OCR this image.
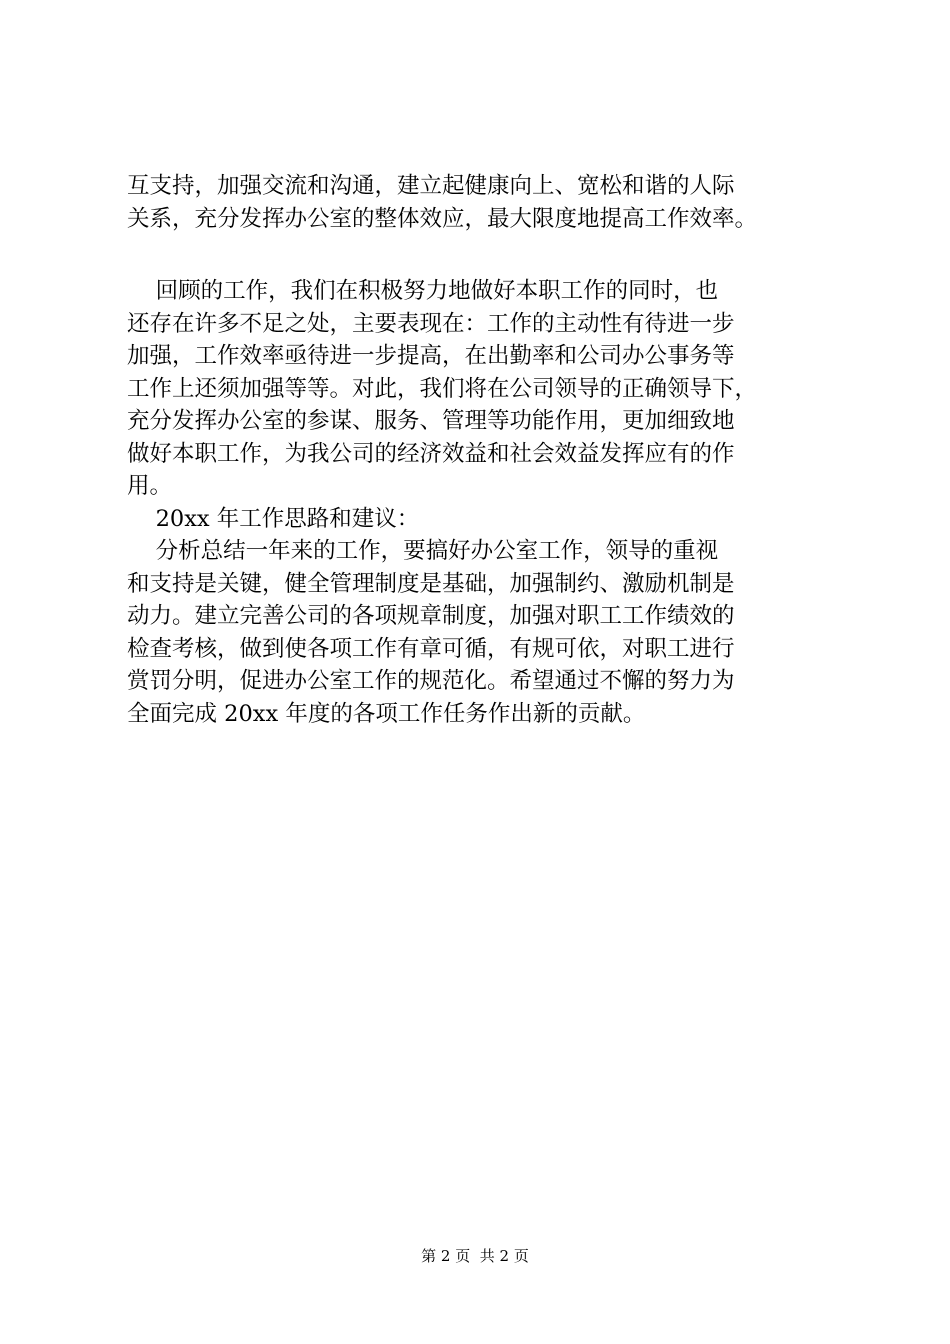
互支持，加强交流和沟通，建立起健康向上、宽松和谐的人际
关系，充分发挥办公室的整体效应，最大限度地提高工作效率。
回顾的工作，我们在积极努力地做好本职工作的同时，也
还存在许多不足之处，主要表现在：工作的主动性有待进一步
加强，工作效率亟待进一步提高，在出勤率和公司办公事务等
工作上还须加强等等。对此，我们将在公司领导的正确领导下，
充分发挥办公室的参谋、服务、管理等功能作用，更加细致地
做好本职工作，为我公司的经济效益和社会效益发挥应有的作
用。
20xx 年工作思路和建议：
分析总结一年来的工作，要搞好办公室工作，领导的重视
和支持是关键，健全管理制度是基础，加强制约、激励机制是
动力。建立完善公司的各项规章制度，加强对职工工作绩效的
检查考核，做到使各项工作有章可循，有规可依，对职工进行
赏罚分明，促进办公室工作的规范化。希望通过不懈的努力为
全面完成 20xx 年度的各项工作任务作出新的贡献。
第 2 页  共 2 页
